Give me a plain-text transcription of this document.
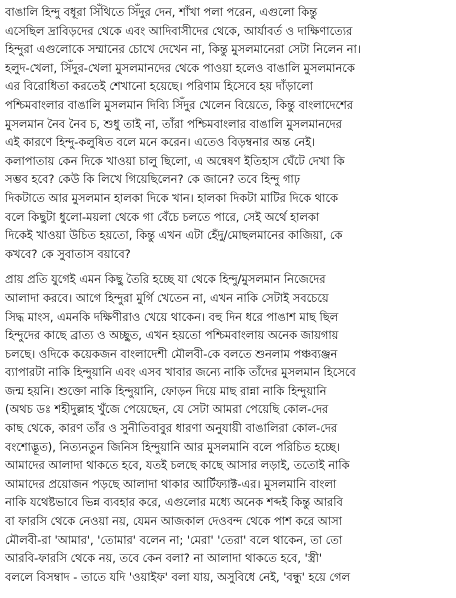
বাঙালি হিন্দু বধূরা সিঁথিতে সিঁদুর দেন, শাঁখা পলা পরেন, এগুলো কিন্তু
এসেছিল দ্রাবিড়দের থেকে এবং আদিবাসীদের থেকে, আর্যাবর্ত ও দাক্ষিণাত্যের
হিন্দুরা এগুলোকে সম্মানের চোখে দেখেন না, কিন্তু মুসলমানেরা সেটা নিলেন না।
হলুদ-খেলা, সিঁদুর-খেলা মুসলমানদের থেকে পাওয়া হলেও বাঙালি মুসলমানকে
এর বিরোধিতা করতেই শেখানো হয়েছে। পরিণাম হিসেবে হয় দাঁড়ালো
পশ্চিমবাংলার বাঙালি মুসলমান দিব্যি সিঁদুর খেলেন বিয়েতে, কিন্তু বাংলাদেশের
মুসলমান নৈব নৈব চ, শুধু তাই না, তাঁরা পশ্চিমবাংলার বাঙালি মুসলমানদের
এই কারণে হিন্দু-কলুষিত বলে মনে করেন। এতেও বিড়ম্বনার অন্ত নেই।
কলাপাতায় কেন দিকে খাওয়া চালু ছিলো, এ অন্বেষণ ইতিহাস ঘেঁটে দেখা কি
সম্ভব হবে? কেউ কি লিখে গিয়েছিলেন? কে জানে? তবে হিন্দু গাঢ়
দিকটাতে আর মুসলমান হালকা দিকে খান। হালকা দিকটা মাটির দিকে থাকে
বলে কিছুটা ধুলো-ময়লা থেকে গা বেঁচে চলতে পারে, সেই অর্থে হালকা
দিকেই খাওয়া উচিত হয়তো, কিন্তু এখন এটা হেঁদু/মোছলমানের কাজিয়া, কে
কখবে? কে সুবাতাস বয়াবে?
প্রায় প্রতি যুগেই এমন কিছু তৈরি হচ্ছে যা থেকে হিন্দু/মুসলমান নিজেদের
আলাদা করবে। আগে হিন্দুরা মুর্গি খেতেন না, এখন নাকি সেটাই সবচেয়ে
সিদ্ধ মাংস, এমনকি দক্ষিণীরাও খেয়ে থাকেন। বহু দিন ধরে পাঙাশ মাছ ছিল
হিন্দুদের কাছে ব্রাত্য ও অচ্ছুত, এখন হয়তো পশ্চিমবাংলায় অনেক জায়গায়
চলছে। ওদিকে কয়েকজন বাংলাদেশী মৌলবী-কে বলতে শুনলাম পঞ্চব্যঞ্জন
ব্যাপারটা নাকি হিন্দুয়ানি এবং এসব খাবার জন্যে নাকি তাঁদের মুসলমান হিসেবে
জন্ম হয়নি। শুক্তো নাকি হিন্দুয়ানি, ফোড়ন দিয়ে মাছ রান্না নাকি হিন্দুয়ানি
(অথচ ডঃ শহীদুল্লাহ খুঁজে পেয়েছেন, যে সেটা আমরা পেয়েছি কোল-দের
কাছ থেকে, কারণ তাঁর ও সুনীতিবাবুর ধারণা অনুযায়ী বাঙালিরা কোল-দের
বংশোদ্ভূত), নিত্যনতুন জিনিস হিন্দুয়ানি আর মুসলমানি বলে পরিচিত হচ্ছে।
আমাদের আলাদা থাকতে হবে, যতই চলছে কাছে আসার লড়াই, ততোই নাকি
আমাদের প্রয়োজন পড়ছে আলাদা থাকার আর্টিফ্যাক্ট-এর। মুসলমানি বাংলা
নাকি যথেষ্টভাবে ভিন্ন ব্যবহার করে, এগুলোর মধ্যে অনেক শব্দই কিন্তু আরবি
বা ফারসি থেকে নেওয়া নয়, যেমন আজকাল দেওবন্দ থেকে পাশ করে আসা
মৌলবী-রা 'আমার', 'তোমার' বলেন না; 'মেরা' 'তেরা' বলে থাকেন, তা তো
আরবি-ফারসি থেকে নয়, তবে কেন বলা? না আলাদা থাকতে হবে, 'স্ত্রী'
বললে বিসম্বাদ - তাতে যদি 'ওয়াইফ' বলা যায়, অসুবিধে নেই, 'বন্ধু' হয়ে গেল
